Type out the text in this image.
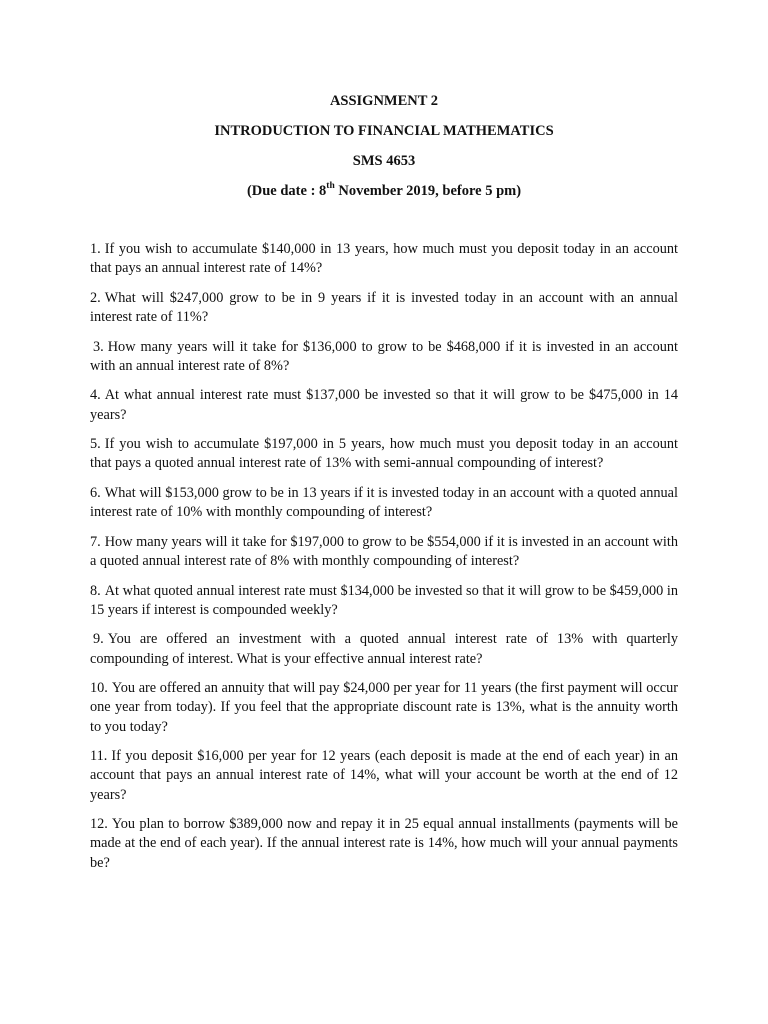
ASSIGNMENT 2
INTRODUCTION TO FINANCIAL MATHEMATICS
SMS 4653
(Due date : 8th November 2019, before 5 pm)

1. If you wish to accumulate $140,000 in 13 years, how much must you deposit today in an account that pays an annual interest rate of 14%?

2. What will $247,000 grow to be in 9 years if it is invested today in an account with an annual interest rate of 11%?

3. How many years will it take for $136,000 to grow to be $468,000 if it is invested in an account with an annual interest rate of 8%?

4. At what annual interest rate must $137,000 be invested so that it will grow to be $475,000 in 14 years?

5. If you wish to accumulate $197,000 in 5 years, how much must you deposit today in an account that pays a quoted annual interest rate of 13% with semi-annual compounding of interest?

6. What will $153,000 grow to be in 13 years if it is invested today in an account with a quoted annual interest rate of 10% with monthly compounding of interest?

7. How many years will it take for $197,000 to grow to be $554,000 if it is invested in an account with a quoted annual interest rate of 8% with monthly compounding of interest?

8. At what quoted annual interest rate must $134,000 be invested so that it will grow to be $459,000 in 15 years if interest is compounded weekly?

9. You are offered an investment with a quoted annual interest rate of 13% with quarterly compounding of interest. What is your effective annual interest rate?

10. You are offered an annuity that will pay $24,000 per year for 11 years (the first payment will occur one year from today). If you feel that the appropriate discount rate is 13%, what is the annuity worth to you today?

11. If you deposit $16,000 per year for 12 years (each deposit is made at the end of each year) in an account that pays an annual interest rate of 14%, what will your account be worth at the end of 12 years?

12. You plan to borrow $389,000 now and repay it in 25 equal annual installments (payments will be made at the end of each year). If the annual interest rate is 14%, how much will your annual payments be?
